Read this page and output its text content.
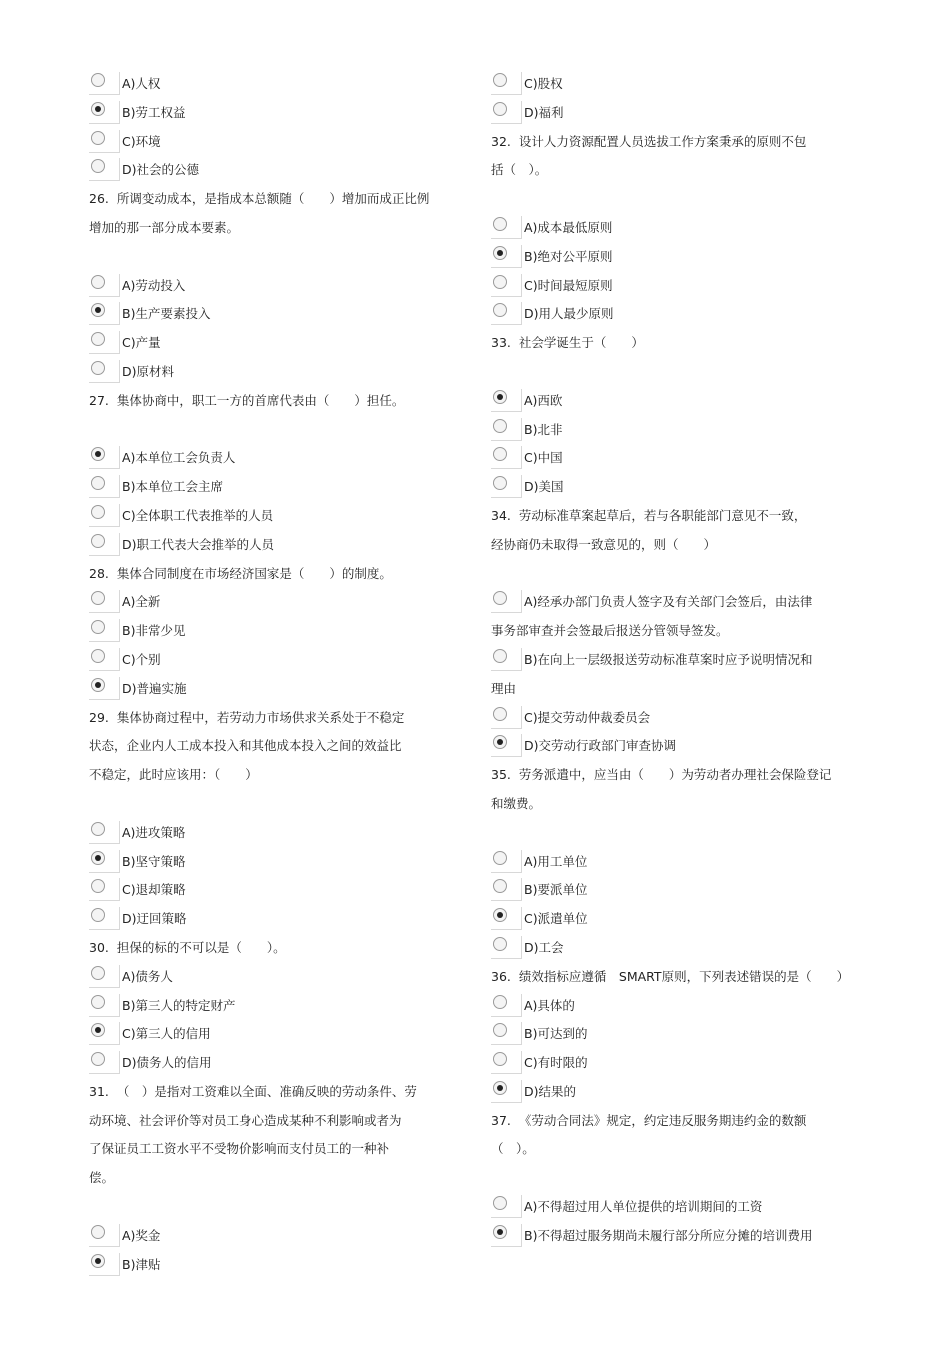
A)人权
B)劳工权益
C)环境
D)社会的公德
26. 所调变动成本，是指成本总额随（　　）增加而成正比例
增加的那一部分成本要素。
A)劳动投入
B)生产要素投入
C)产量
D)原材料
27. 集体协商中，职工一方的首席代表由（　　）担任。
A)本单位工会负责人
B)本单位工会主席
C)全体职工代表推举的人员
D)职工代表大会推举的人员
28. 集体合同制度在市场经济国家是（　　）的制度。
A)全新
B)非常少见
C)个别
D)普遍实施
29. 集体协商过程中，若劳动力市场供求关系处于不稳定
状态，企业内人工成本投入和其他成本投入之间的效益比
不稳定，此时应该用：（　　）
A)进攻策略
B)坚守策略
C)退却策略
D)迂回策略
30. 担保的标的不可以是（　　）。
A)债务人
B)第三人的特定财产
C)第三人的信用
D)债务人的信用
31. （　）是指对工资难以全面、准确反映的劳动条件、劳
动环境、社会评价等对员工身心造成某种不利影响或者为
了保证员工工资水平不受物价影响而支付员工的一种补
偿。
A)奖金
B)津贴
C)股权
D)福利
32. 设计人力资源配置人员选拔工作方案秉承的原则不包
括（　）。
A)成本最低原则
B)绝对公平原则
C)时间最短原则
D)用人最少原则
33. 社会学诞生于（　　）
A)西欧
B)北非
C)中国
D)美国
34. 劳动标准草案起草后，若与各职能部门意见不一致，
经协商仍未取得一致意见的，则（　　）
A)经承办部门负责人签字及有关部门会签后，由法律
事务部审查并会签最后报送分管领导签发。
B)在向上一层级报送劳动标准草案时应予说明情况和
理由
C)提交劳动仲裁委员会
D)交劳动行政部门审查协调
35. 劳务派遣中，应当由（　　）为劳动者办理社会保险登记
和缴费。
A)用工单位
B)要派单位
C)派遣单位
D)工会
36. 绩效指标应遵循　SMART原则，下列表述错误的是（　　）
A)具体的
B)可达到的
C)有时限的
D)结果的
37. 《劳动合同法》规定，约定违反服务期违约金的数额
（　）。
A)不得超过用人单位提供的培训期间的工资
B)不得超过服务期尚未履行部分所应分摊的培训费用
